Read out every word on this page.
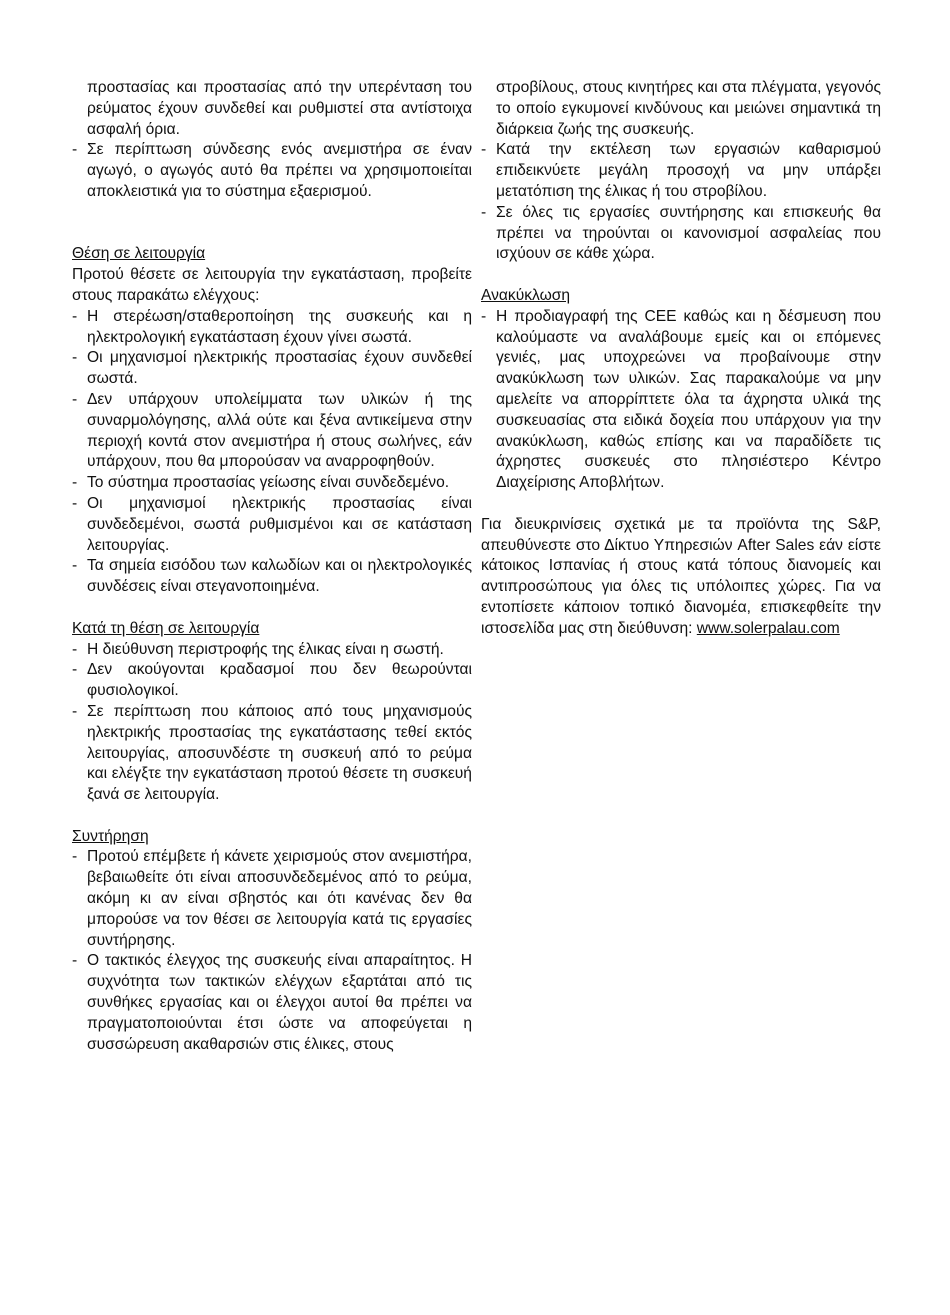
προστασίας και προστασίας από την υπερένταση του ρεύματος έχουν συνδεθεί και ρυθμιστεί στα αντίστοιχα ασφαλή όρια.

- Σε περίπτωση σύνδεσης ενός ανεμιστήρα σε έναν αγωγό, ο αγωγός αυτό θα πρέπει να χρησιμοποιείται αποκλειστικά για το σύστημα εξαερισμού.
Θέση σε λειτουργία

Προτού θέσετε σε λειτουργία την εγκατάσταση, προβείτε στους παρακάτω ελέγχους:

- Η στερέωση/σταθεροποίηση της συσκευής και η ηλεκτρολογική εγκατάσταση έχουν γίνει σωστά.
- Οι μηχανισμοί ηλεκτρικής προστασίας έχουν συνδεθεί σωστά.
- Δεν υπάρχουν υπολείμματα των υλικών ή της συναρμολόγησης, αλλά ούτε και ξένα αντικείμενα στην περιοχή κοντά στον ανεμιστήρα ή στους σωλήνες, εάν υπάρχουν, που θα μπορούσαν να αναρροφηθούν.
- Το σύστημα προστασίας γείωσης είναι συνδεδεμένο.
- Οι μηχανισμοί ηλεκτρικής προστασίας είναι συνδεδεμένοι, σωστά ρυθμισμένοι και σε κατάσταση λειτουργίας.
- Τα σημεία εισόδου των καλωδίων και οι ηλεκτρολογικές συνδέσεις είναι στεγανοποιημένα.
Κατά τη θέση σε λειτουργία
- Η διεύθυνση περιστροφής της έλικας είναι η σωστή.
- Δεν ακούγονται κραδασμοί που δεν θεωρούνται φυσιολογικοί.
- Σε περίπτωση που κάποιος από τους μηχανισμούς ηλεκτρικής προστασίας της εγκατάστασης τεθεί εκτός λειτουργίας, αποσυνδέστε τη συσκευή από το ρεύμα και ελέγξτε την εγκατάσταση προτού θέσετε τη συσκευή ξανά σε λειτουργία.
Συντήρηση
- Προτού επέμβετε ή κάνετε χειρισμούς στον ανεμιστήρα, βεβαιωθείτε ότι είναι αποσυνδεδεμένος από το ρεύμα, ακόμη κι αν είναι σβηστός και ότι κανένας δεν θα μπορούσε να τον θέσει σε λειτουργία κατά τις εργασίες συντήρησης.
- Ο τακτικός έλεγχος της συσκευής είναι απαραίτητος. Η συχνότητα των τακτικών ελέγχων εξαρτάται από τις συνθήκες εργασίας και οι έλεγχοι αυτοί θα πρέπει να πραγματοποιούνται έτσι ώστε να αποφεύγεται η συσσώρευση ακαθαρσιών στις έλικες, στους

στροβίλους, στους κινητήρες και στα πλέγματα, γεγονός το οποίο εγκυμονεί κινδύνους και μειώνει σημαντικά τη διάρκεια ζωής της συσκευής.

- Κατά την εκτέλεση των εργασιών καθαρισμού επιδεικνύετε μεγάλη προσοχή να μην υπάρξει μετατόπιση της έλικας ή του στροβίλου.
- Σε όλες τις εργασίες συντήρησης και επισκευής θα πρέπει να τηρούνται οι κανονισμοί ασφαλείας που ισχύουν σε κάθε χώρα.
Ανακύκλωση
- Η προδιαγραφή της CEE καθώς και η δέσμευση που καλούμαστε να αναλάβουμε εμείς και οι επόμενες γενιές, μας υποχρεώνει να προβαίνουμε στην ανακύκλωση των υλικών. Σας παρακαλούμε να μην αμελείτε να απορρίπτετε όλα τα άχρηστα υλικά της συσκευασίας στα ειδικά δοχεία που υπάρχουν για την ανακύκλωση, καθώς επίσης και να παραδίδετε τις άχρηστες συσκευές στο πλησιέστερο Κέντρο Διαχείρισης Αποβλήτων.

Για διευκρινίσεις σχετικά με τα προϊόντα της S&P, απευθύνεστε στο Δίκτυο Υπηρεσιών After Sales εάν είστε κάτοικος Ισπανίας ή στους κατά τόπους διανομείς και αντιπροσώπους για όλες τις υπόλοιπες χώρες. Για να εντοπίσετε κάποιον τοπικό διανομέα, επισκεφθείτε την ιστοσελίδα μας στη διεύθυνση: www.solerpalau.com
